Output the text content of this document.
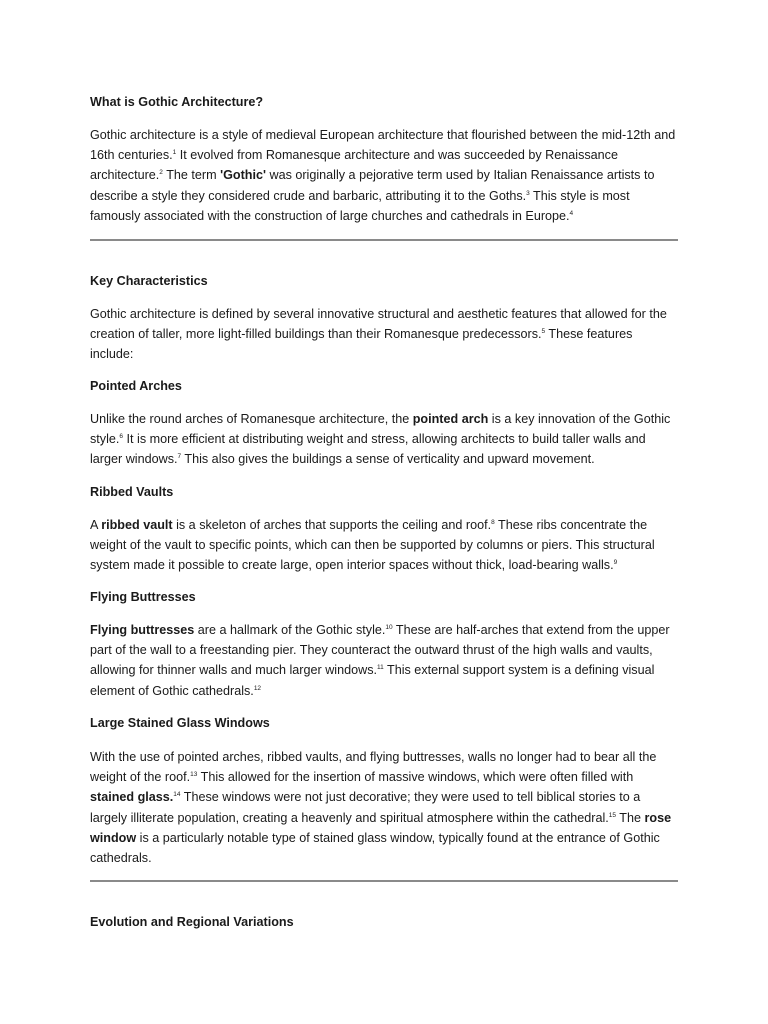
What is Gothic Architecture?

Gothic architecture is a style of medieval European architecture that flourished between the mid-12th and 16th centuries.$^1$ It evolved from Romanesque architecture and was succeeded by Renaissance architecture.$^2$ The term 'Gothic' was originally a pejorative term used by Italian Renaissance artists to describe a style they considered crude and barbaric, attributing it to the Goths.$^3$ This style is most famously associated with the construction of large churches and cathedrals in Europe.$^4$

Key Characteristics

Gothic architecture is defined by several innovative structural and aesthetic features that allowed for the creation of taller, more light-filled buildings than their Romanesque predecessors.$^5$ These features include:

Pointed Arches

Unlike the round arches of Romanesque architecture, the pointed arch is a key innovation of the Gothic style.$^6$ It is more efficient at distributing weight and stress, allowing architects to build taller walls and larger windows.$^7$ This also gives the buildings a sense of verticality and upward movement.

Ribbed Vaults

A ribbed vault is a skeleton of arches that supports the ceiling and roof.$^8$ These ribs concentrate the weight of the vault to specific points, which can then be supported by columns or piers. This structural system made it possible to create large, open interior spaces without thick, load-bearing walls.$^9$

Flying Buttresses

Flying buttresses are a hallmark of the Gothic style.$^{10}$ These are half-arches that extend from the upper part of the wall to a freestanding pier. They counteract the outward thrust of the high walls and vaults, allowing for thinner walls and much larger windows.$^{11}$ This external support system is a defining visual element of Gothic cathedrals.$^{12}$

Large Stained Glass Windows

With the use of pointed arches, ribbed vaults, and flying buttresses, walls no longer had to bear all the weight of the roof.$^{13}$ This allowed for the insertion of massive windows, which were often filled with stained glass.$^{14}$ These windows were not just decorative; they were used to tell biblical stories to a largely illiterate population, creating a heavenly and spiritual atmosphere within the cathedral.$^{15}$ The rose window is a particularly notable type of stained glass window, typically found at the entrance of Gothic cathedrals.

Evolution and Regional Variations
